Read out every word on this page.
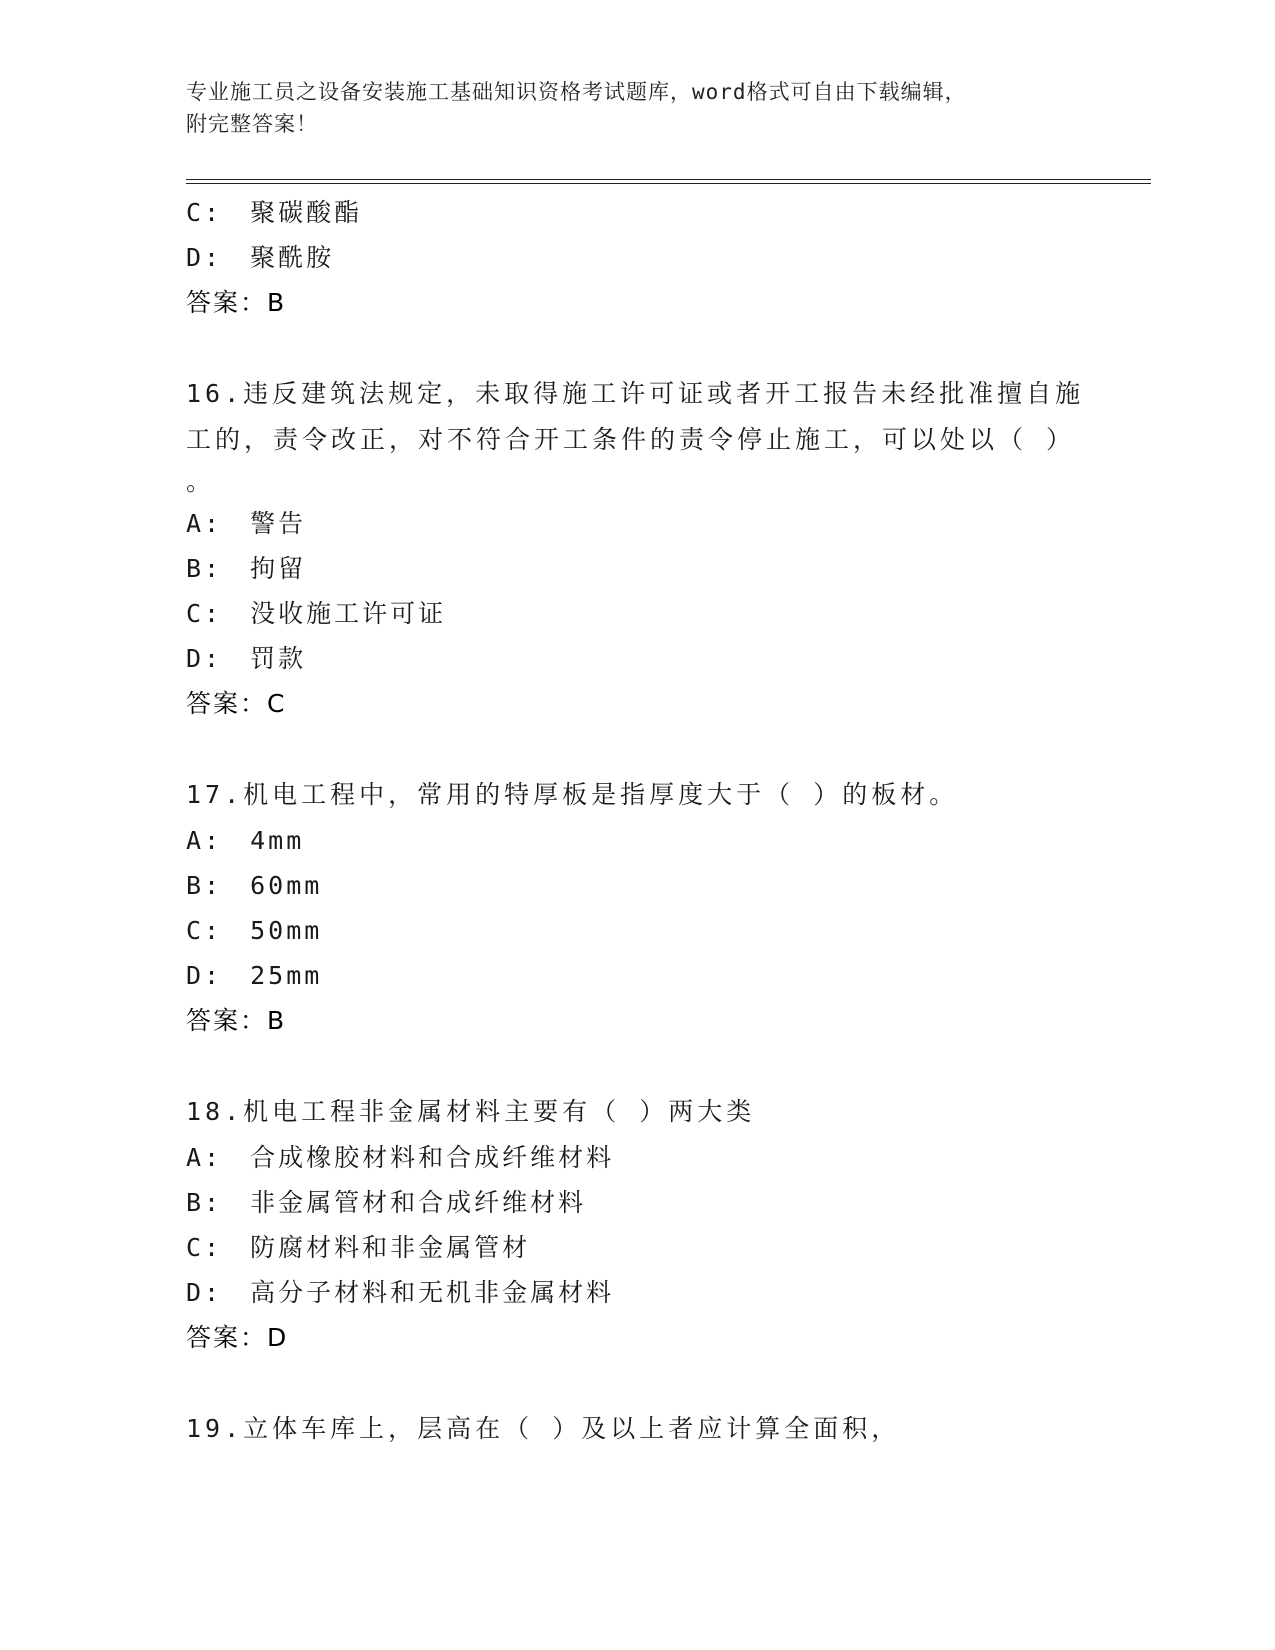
专业施工员之设备安装施工基础知识资格考试题库，word格式可自由下载编辑，
附完整答案！
C:　聚碳酸酯
D:　聚酰胺
答案：B
16.违反建筑法规定，未取得施工许可证或者开工报告未经批准擅自施
工的，责令改正，对不符合开工条件的责令停止施工，可以处以（ ）
。
A:　警告
B:　拘留
C:　没收施工许可证
D:　罚款
答案：C
17.机电工程中，常用的特厚板是指厚度大于（ ）的板材。
A:　4mm
B:　60mm
C:　50mm
D:　25mm
答案：B
18.机电工程非金属材料主要有（ ）两大类
A:　合成橡胶材料和合成纤维材料
B:　非金属管材和合成纤维材料
C:　防腐材料和非金属管材
D:　高分子材料和无机非金属材料
答案：D
19.立体车库上，层高在（ ）及以上者应计算全面积，
